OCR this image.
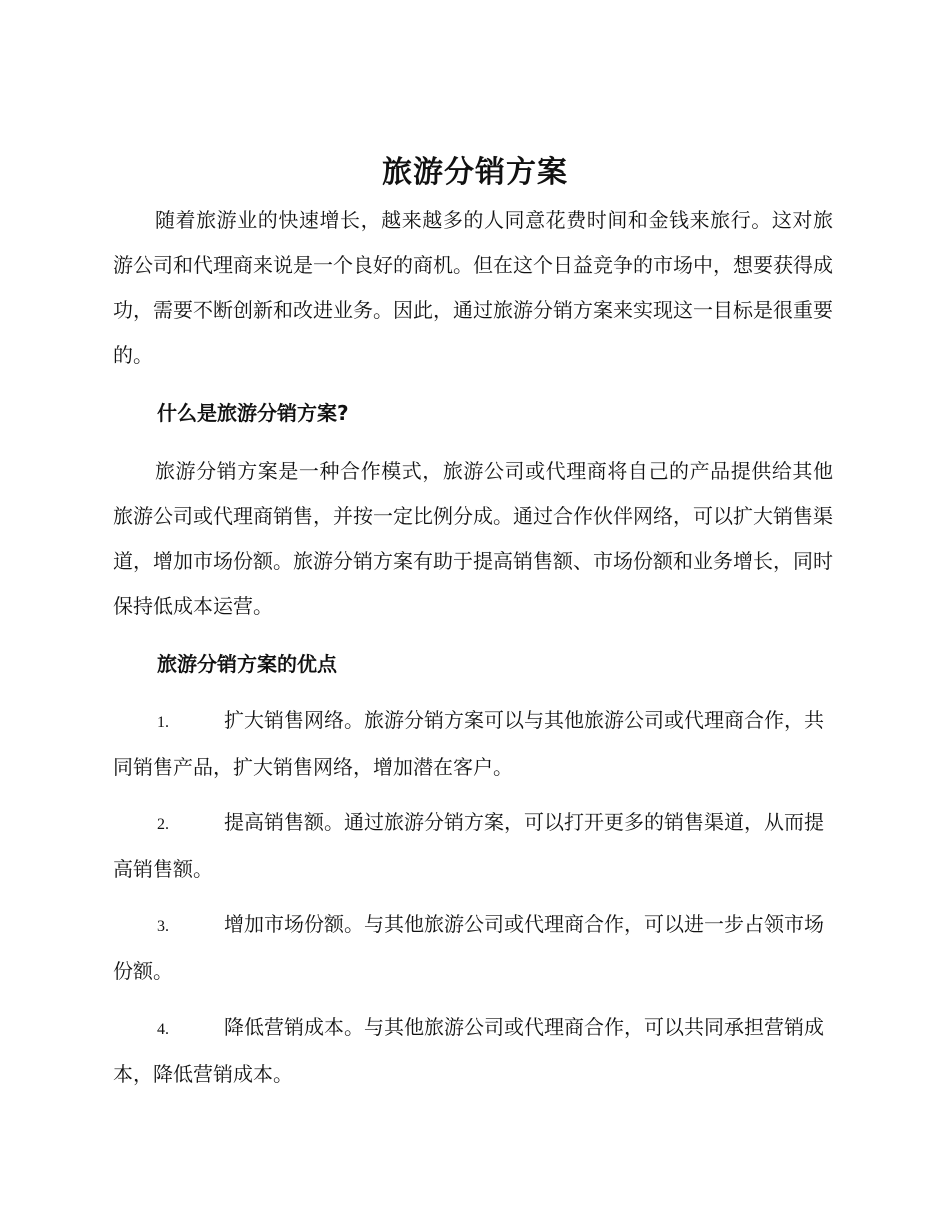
旅游分销方案

随着旅游业的快速增长，越来越多的人同意花费时间和金钱来旅行。这对旅游公司和代理商来说是一个良好的商机。但在这个日益竞争的市场中，想要获得成功，需要不断创新和改进业务。因此，通过旅游分销方案来实现这一目标是很重要的。

什么是旅游分销方案?

旅游分销方案是一种合作模式，旅游公司或代理商将自己的产品提供给其他旅游公司或代理商销售，并按一定比例分成。通过合作伙伴网络，可以扩大销售渠道，增加市场份额。旅游分销方案有助于提高销售额、市场份额和业务增长，同时保持低成本运营。

旅游分销方案的优点

1.	扩大销售网络。旅游分销方案可以与其他旅游公司或代理商合作，共同销售产品，扩大销售网络，增加潜在客户。
2.	提高销售额。通过旅游分销方案，可以打开更多的销售渠道，从而提高销售额。
3.	增加市场份额。与其他旅游公司或代理商合作，可以进一步占领市场份额。
4.	降低营销成本。与其他旅游公司或代理商合作，可以共同承担营销成本，降低营销成本。
